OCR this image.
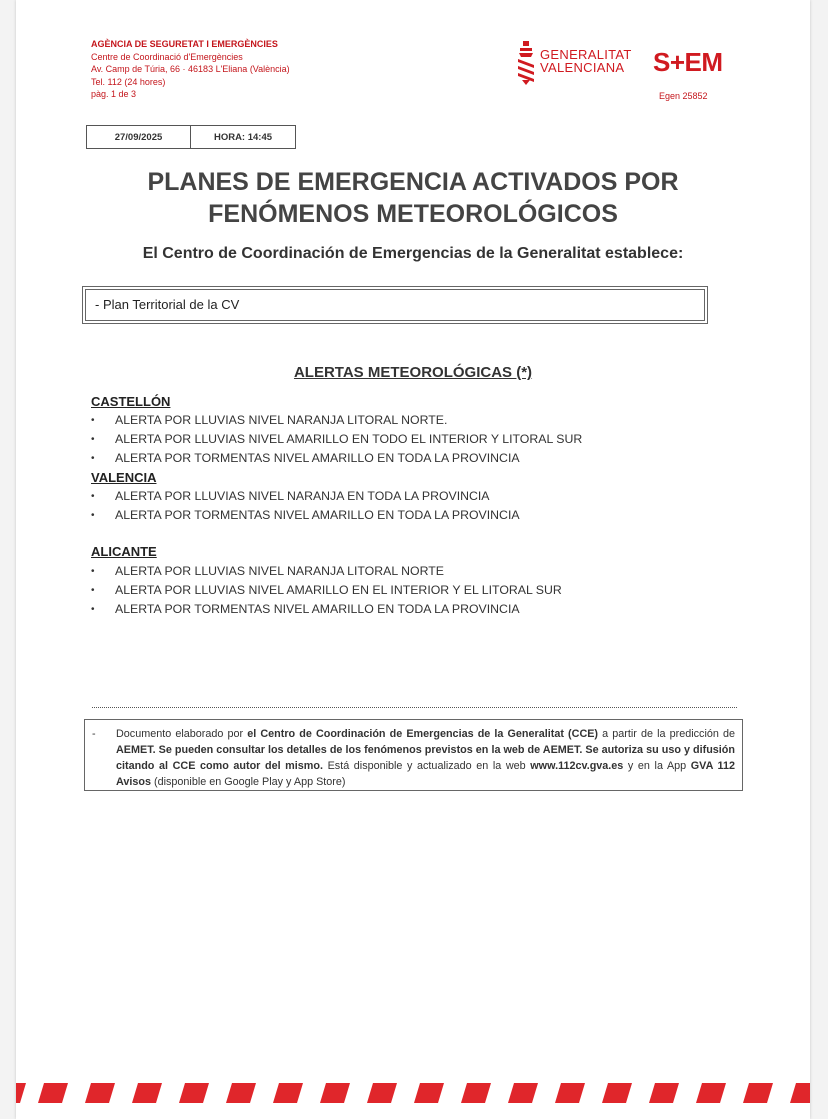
AGÈNCIA DE SEGURETAT I EMERGÈNCIES
Centre de Coordinació d'Emergències
Av. Camp de Túria, 66 · 46183 L'Eliana (València)
Tel. 112 (24 hores)
pàg. 1 de 3
GENERALITAT
VALENCIANA S+EM
Egen 25852
27/09/2025	HORA: 14:45
PLANES DE EMERGENCIA ACTIVADOS POR
FENÓMENOS METEOROLÓGICOS
El Centro de Coordinación de Emergencias de la Generalitat establece:
- Plan Territorial de la CV
ALERTAS METEOROLÓGICAS (*)
CASTELLÓN
• ALERTA POR LLUVIAS NIVEL NARANJA LITORAL NORTE.
• ALERTA POR LLUVIAS NIVEL AMARILLO EN TODO EL INTERIOR Y LITORAL SUR
• ALERTA POR TORMENTAS NIVEL AMARILLO EN TODA LA PROVINCIA
VALENCIA
• ALERTA POR LLUVIAS NIVEL NARANJA EN TODA LA PROVINCIA
• ALERTA POR TORMENTAS NIVEL AMARILLO EN TODA LA PROVINCIA
ALICANTE
• ALERTA POR LLUVIAS NIVEL NARANJA LITORAL NORTE
• ALERTA POR LLUVIAS NIVEL AMARILLO EN EL INTERIOR Y EL LITORAL SUR
• ALERTA POR TORMENTAS NIVEL AMARILLO EN TODA LA PROVINCIA
- Documento elaborado por el Centro de Coordinación de Emergencias de la Generalitat (CCE) a partir de la predicción de AEMET. Se pueden consultar los detalles de los fenómenos previstos en la web de AEMET. Se autoriza su uso y difusión citando al CCE como autor del mismo. Está disponible y actualizado en la web www.112cv.gva.es y en la App GVA 112 Avisos (disponible en Google Play y App Store)
